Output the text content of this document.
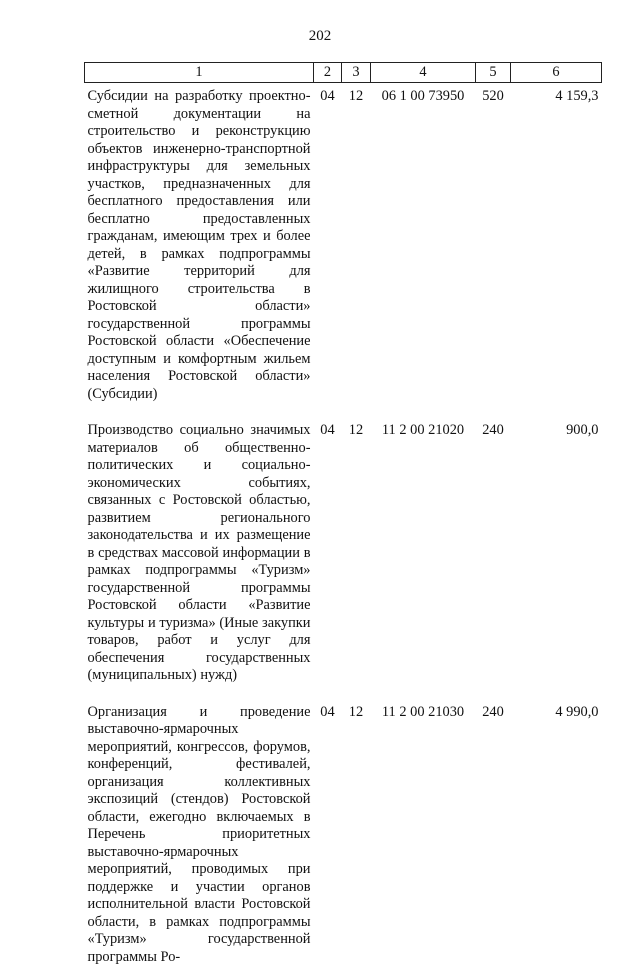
202
1	2	3	4	5	6
Субсидии на разработку проектно-сметной документации на строительство и реконструкцию объектов инженерно-транспортной инфраструктуры для земельных участков, предназначенных для бесплатного предоставления или бесплатно предоставленных гражданам, имеющим трех и более детей, в рамках подпрограммы «Развитие территорий для жилищного строительства в Ростовской области» государственной программы Ростовской области «Обеспечение доступным и комфортным жильем населения Ростовской области» (Субсидии)	04	12	06 1 00 73950	520	4 159,3
Производство социально значимых материалов об общественно-политических и социально-экономических событиях, связанных с Ростовской областью, развитием регионального законодательства и их размещение в средствах массовой информации в рамках подпрограммы «Туризм» государственной программы Ростовской области «Развитие культуры и туризма» (Иные закупки товаров, работ и услуг для обеспечения государственных (муниципальных) нужд)	04	12	11 2 00 21020	240	900,0
Организация и проведение выставочно-ярмарочных мероприятий, конгрессов, форумов, конференций, фестивалей, организация коллективных экспозиций (стендов) Ростовской области, ежегодно включаемых в Перечень приоритетных выставочно-ярмарочных мероприятий, проводимых при поддержке и участии органов исполнительной власти Ростовской области, в рамках подпрограммы «Туризм» государственной программы Ро-	04	12	11 2 00 21030	240	4 990,0
